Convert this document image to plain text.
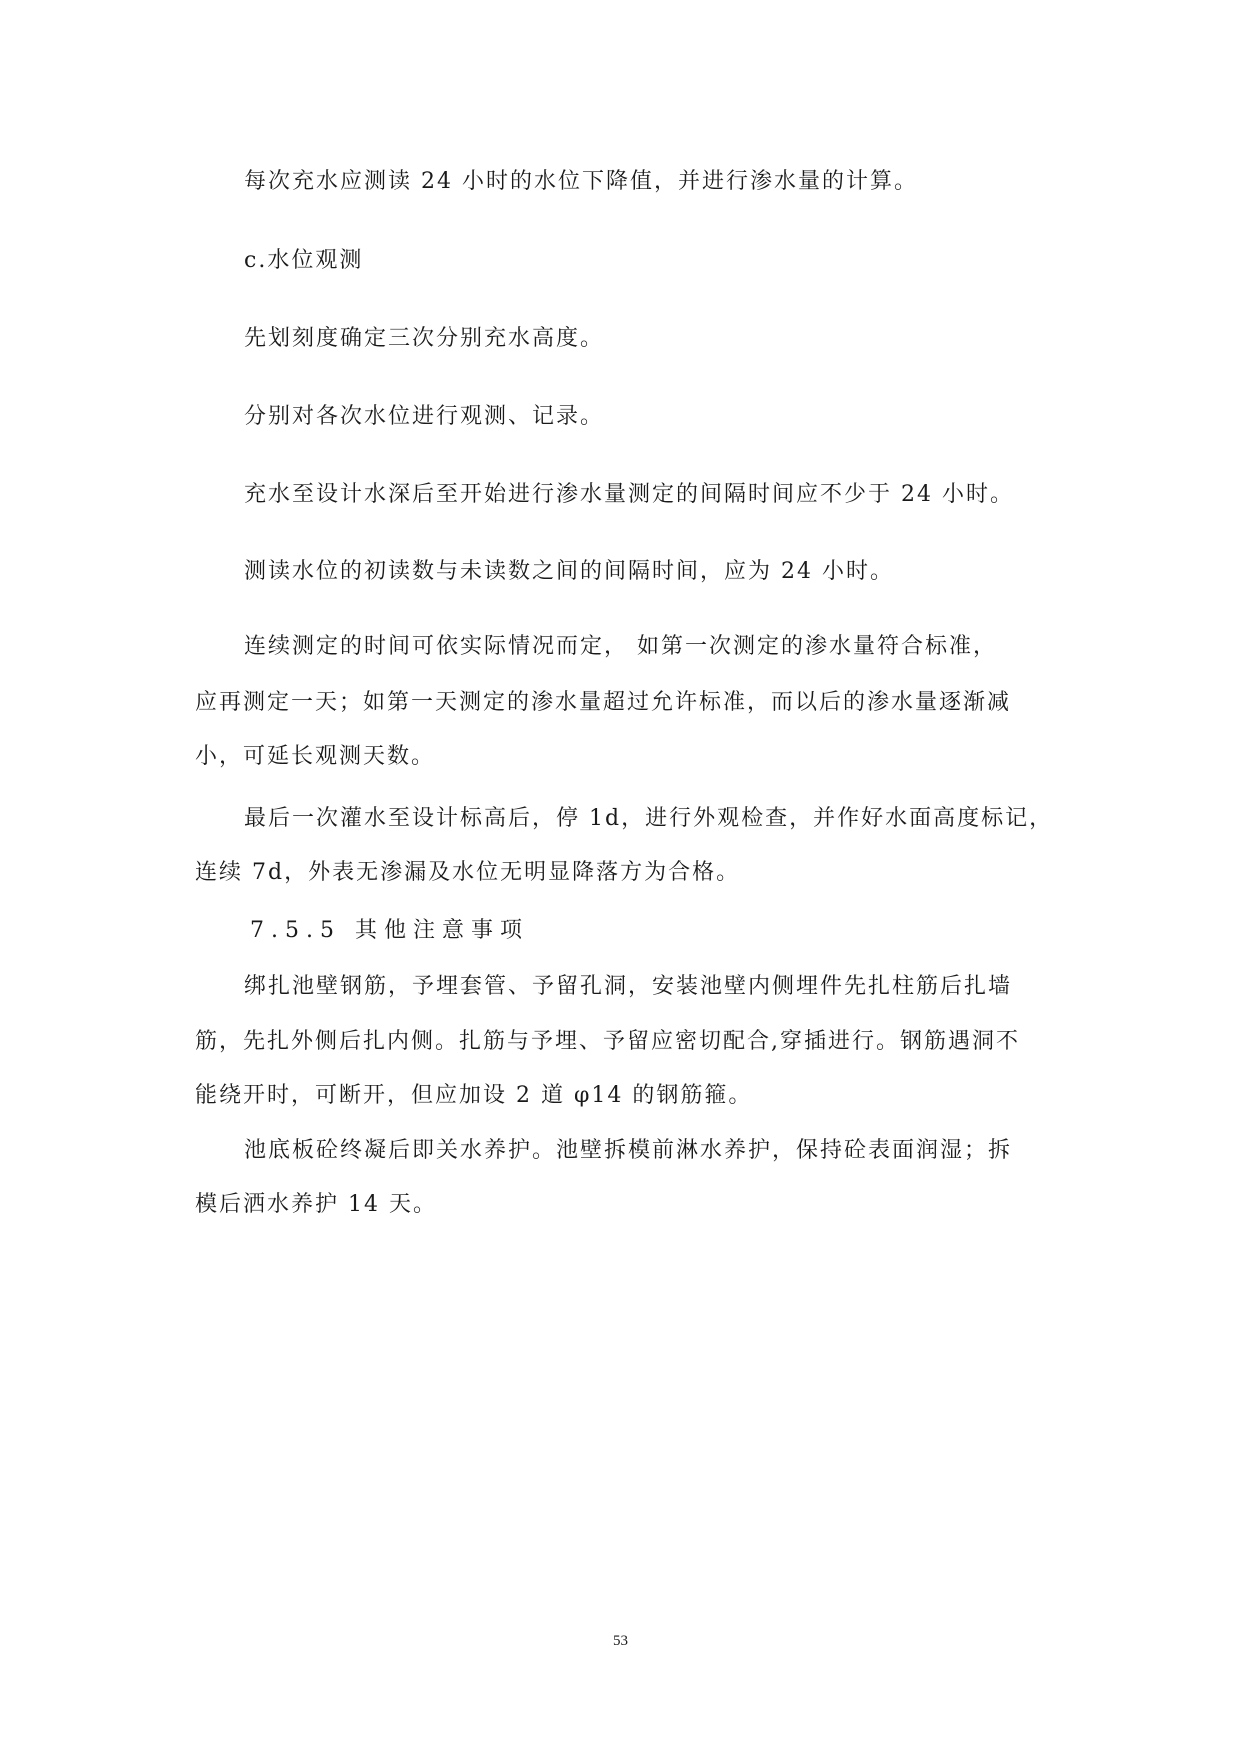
每次充水应测读 24 小时的水位下降值，并进行渗水量的计算。
c.水位观测
先划刻度确定三次分别充水高度。
分别对各次水位进行观测、记录。
充水至设计水深后至开始进行渗水量测定的间隔时间应不少于 24 小时。
测读水位的初读数与未读数之间的间隔时间，应为 24 小时。
连续测定的时间可依实际情况而定， 如第一次测定的渗水量符合标准，
应再测定一天；如第一天测定的渗水量超过允许标准，而以后的渗水量逐渐减
小，可延长观测天数。
最后一次灌水至设计标高后，停 1d，进行外观检查，并作好水面高度标记，
连续 7d，外表无渗漏及水位无明显降落方为合格。
7.5.5 其他注意事项
绑扎池壁钢筋，予埋套管、予留孔洞，安装池壁内侧埋件先扎柱筋后扎墙
筋，先扎外侧后扎内侧。扎筋与予埋、予留应密切配合,穿插进行。钢筋遇洞不
能绕开时，可断开，但应加设 2 道 φ14 的钢筋箍。
池底板砼终凝后即关水养护。池壁拆模前淋水养护，保持砼表面润湿；拆
模后洒水养护 14 天。
53
